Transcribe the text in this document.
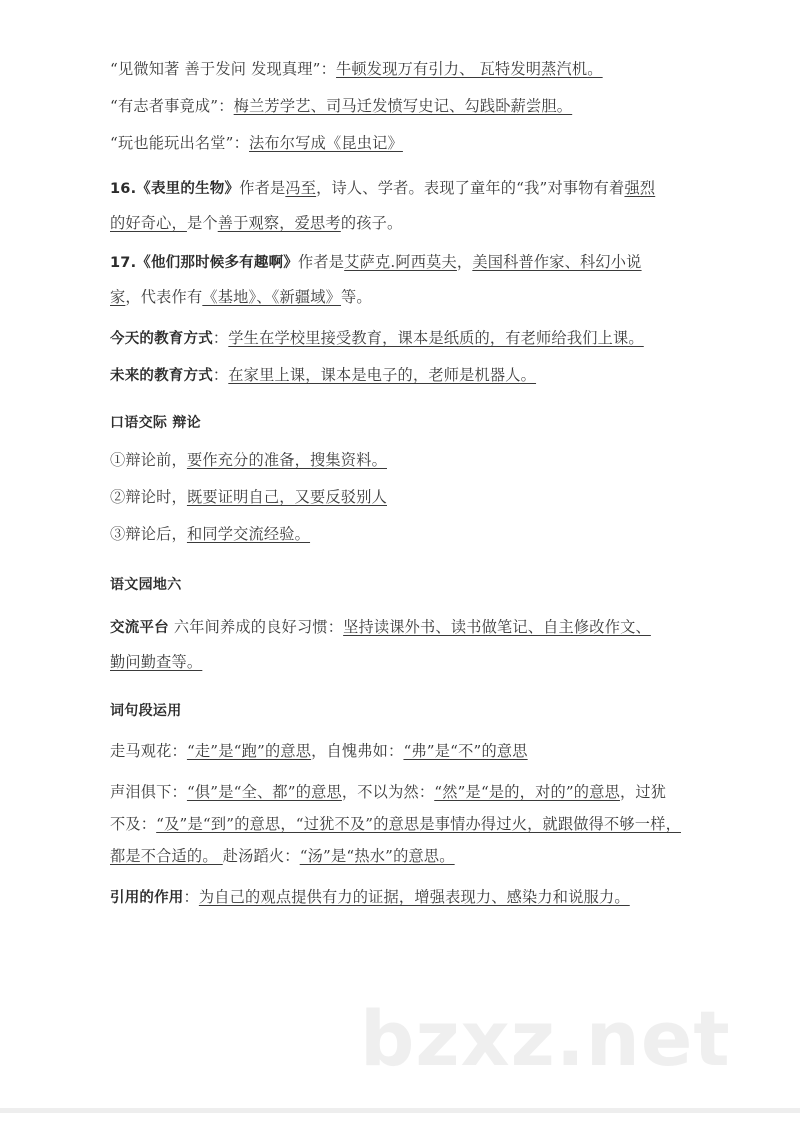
bzxz.net
“见微知著 善于发问 发现真理”：牛顿发现万有引力、 瓦特发明蒸汽机。
“有志者事竟成”：梅兰芳学艺、司马迁发愤写史记、勾践卧薪尝胆。
“玩也能玩出名堂”：法布尔写成《昆虫记》
16.《表里的生物》作者是冯至，诗人、学者。表现了童年的“我”对事物有着强烈
的好奇心，是个善于观察，爱思考的孩子。
17.《他们那时候多有趣啊》作者是艾萨克.阿西莫夫，美国科普作家、科幻小说
家，代表作有《基地》、《新疆域》等。
今天的教育方式：学生在学校里接受教育，课本是纸质的，有老师给我们上课。
未来的教育方式：在家里上课，课本是电子的，老师是机器人。
口语交际 辩论
①辩论前，要作充分的准备，搜集资料。
②辩论时，既要证明自己，又要反驳别人
③辩论后，和同学交流经验。
语文园地六
交流平台 六年间养成的良好习惯：坚持读课外书、读书做笔记、自主修改作文、
勤问勤查等。
词句段运用
走马观花：“走”是“跑”的意思，自愧弗如：“弗”是“不”的意思
声泪俱下：“俱”是“全、都”的意思，不以为然：“然”是“是的，对的”的意思，过犹
不及：“及”是“到”的意思，“过犹不及”的意思是事情办得过火，就跟做得不够一样，
都是不合适的。 赴汤蹈火：“汤”是“热水”的意思。
引用的作用：为自己的观点提供有力的证据，增强表现力、感染力和说服力。
